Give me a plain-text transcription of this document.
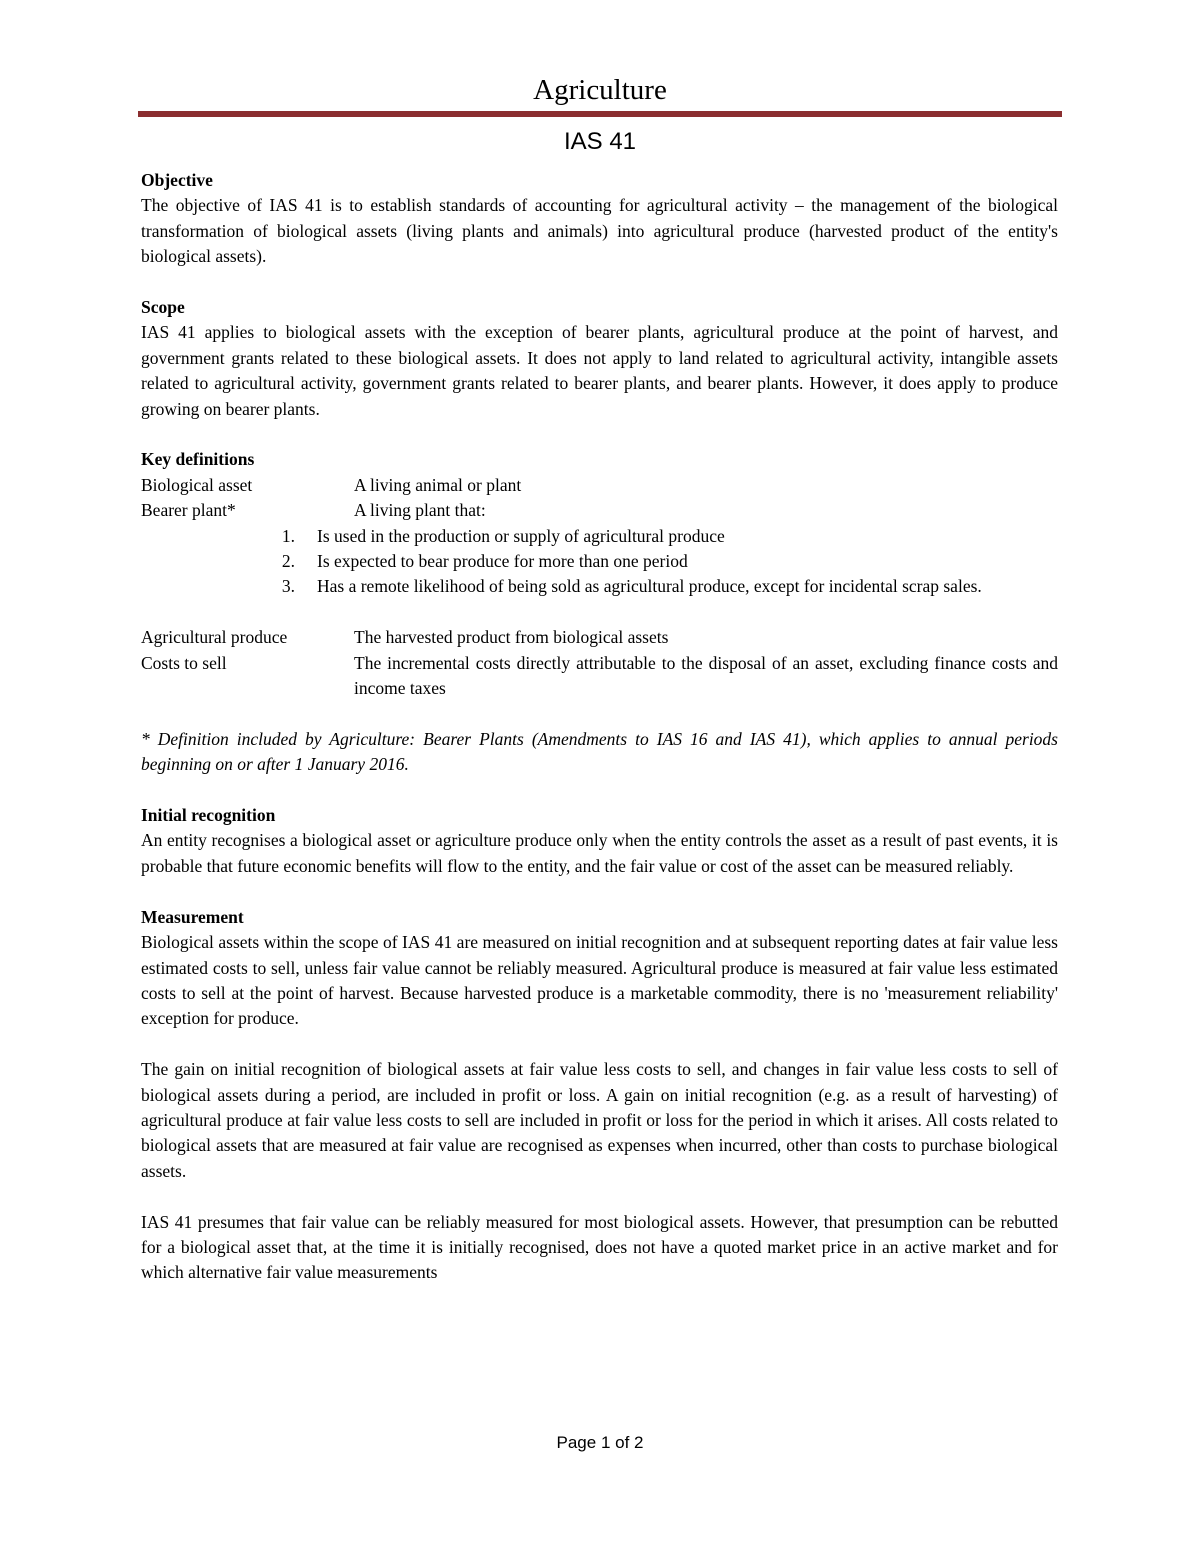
Agriculture
IAS 41

Objective

The objective of IAS 41 is to establish standards of accounting for agricultural activity – the management of the biological transformation of biological assets (living plants and animals) into agricultural produce (harvested product of the entity's biological assets).

Scope

IAS 41 applies to biological assets with the exception of bearer plants, agricultural produce at the point of harvest, and government grants related to these biological assets. It does not apply to land related to agricultural activity, intangible assets related to agricultural activity, government grants related to bearer plants, and bearer plants. However, it does apply to produce growing on bearer plants.

Key definitions

Biological asset	A living animal or plant
Bearer plant*	A living plant that:
1.	Is used in the production or supply of agricultural produce
2.	Is expected to bear produce for more than one period
3.	Has a remote likelihood of being sold as agricultural produce, except for incidental scrap sales.
Agricultural produce	The harvested product from biological assets
Costs to sell	The incremental costs directly attributable to the disposal of an asset, excluding finance costs and income taxes

* Definition included by Agriculture: Bearer Plants (Amendments to IAS 16 and IAS 41), which applies to annual periods beginning on or after 1 January 2016.

Initial recognition

An entity recognises a biological asset or agriculture produce only when the entity controls the asset as a result of past events, it is probable that future economic benefits will flow to the entity, and the fair value or cost of the asset can be measured reliably.

Measurement

Biological assets within the scope of IAS 41 are measured on initial recognition and at subsequent reporting dates at fair value less estimated costs to sell, unless fair value cannot be reliably measured. Agricultural produce is measured at fair value less estimated costs to sell at the point of harvest. Because harvested produce is a marketable commodity, there is no 'measurement reliability' exception for produce.

The gain on initial recognition of biological assets at fair value less costs to sell, and changes in fair value less costs to sell of biological assets during a period, are included in profit or loss. A gain on initial recognition (e.g. as a result of harvesting) of agricultural produce at fair value less costs to sell are included in profit or loss for the period in which it arises. All costs related to biological assets that are measured at fair value are recognised as expenses when incurred, other than costs to purchase biological assets.

IAS 41 presumes that fair value can be reliably measured for most biological assets. However, that presumption can be rebutted for a biological asset that, at the time it is initially recognised, does not have a quoted market price in an active market and for which alternative fair value measurements

Page 1 of 2
